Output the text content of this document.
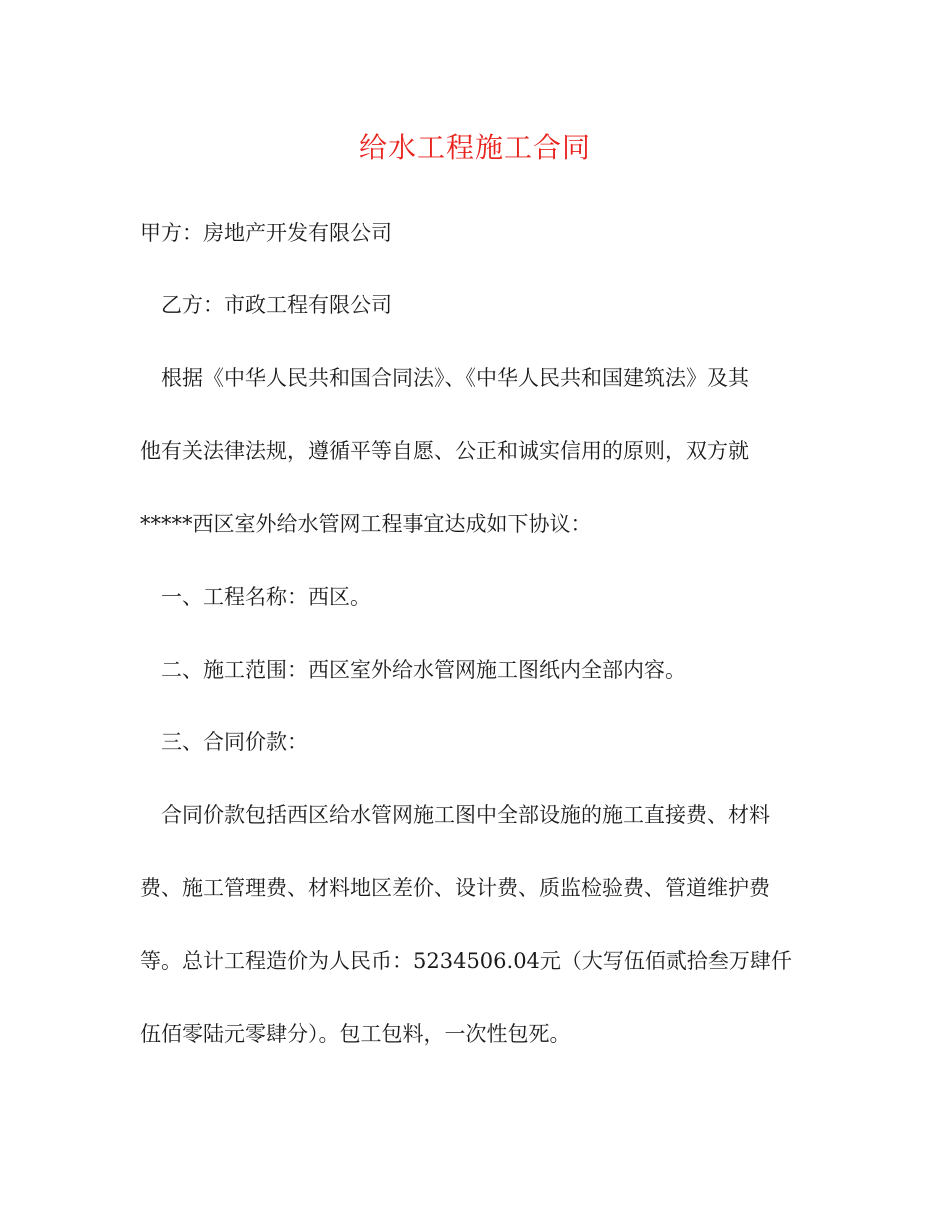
给水工程施工合同
甲方：房地产开发有限公司
乙方：市政工程有限公司
根据《中华人民共和国合同法》、《中华人民共和国建筑法》及其
他有关法律法规，遵循平等自愿、公正和诚实信用的原则，双方就
*****西区室外给水管网工程事宜达成如下协议：
一、工程名称：西区。
二、施工范围：西区室外给水管网施工图纸内全部内容。
三、合同价款：
合同价款包括西区给水管网施工图中全部设施的施工直接费、材料
费、施工管理费、材料地区差价、设计费、质监检验费、管道维护费
等。总计工程造价为人民币：5234506.04元（大写伍佰贰拾叁万肆仟
伍佰零陆元零肆分）。包工包料，一次性包死。
